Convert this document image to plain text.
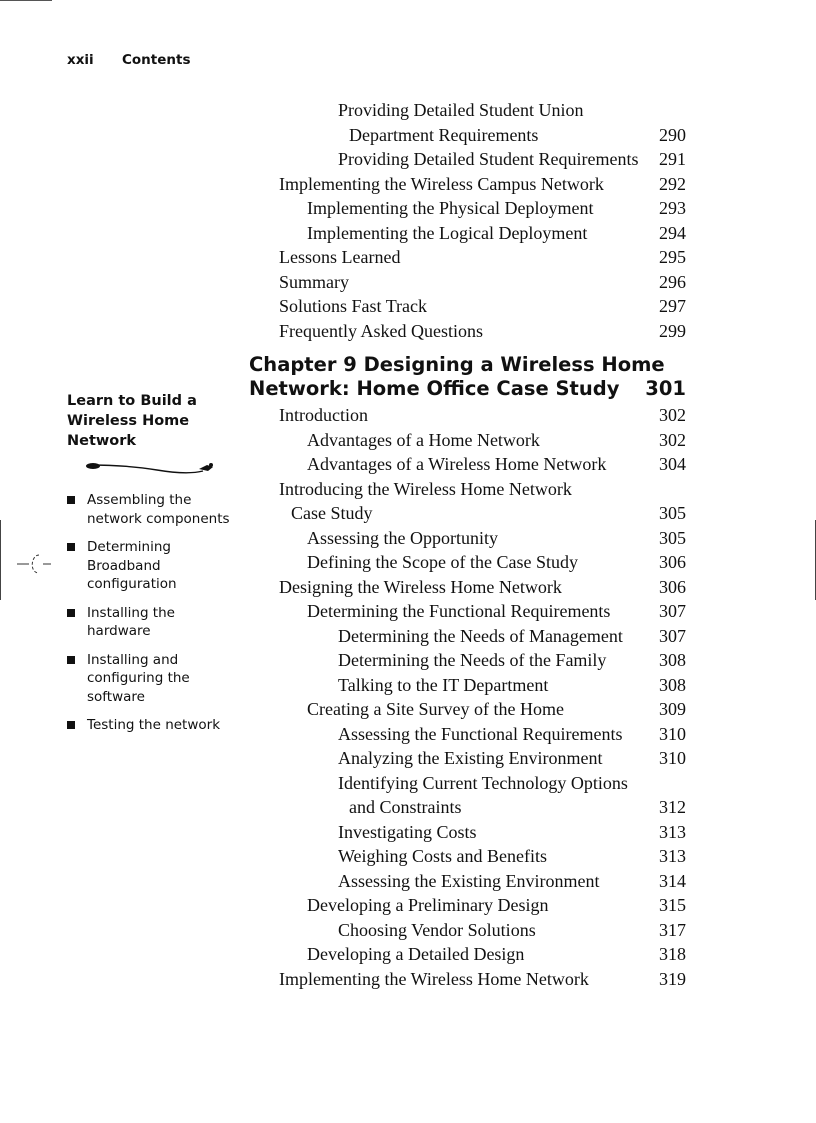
xxii Contents
Providing Detailed Student Union
Department Requirements	290
Providing Detailed Student Requirements 291
Implementing the Wireless Campus Network	292
Implementing the Physical Deployment	293
Implementing the Logical Deployment	294
Lessons Learned	295
Summary	296
Solutions Fast Track	297
Frequently Asked Questions	299
Chapter 9 Designing a Wireless Home
Network: Home Office Case Study	301
Introduction	302
Advantages of a Home Network	302
Advantages of a Wireless Home Network	304
Introducing the Wireless Home Network
Case Study	305
Assessing the Opportunity	305
Defining the Scope of the Case Study	306
Designing the Wireless Home Network	306
Determining the Functional Requirements	307
Determining the Needs of Management 307
Determining the Needs of the Family	308
Talking to the IT Department	308
Creating a Site Survey of the Home	309
Assessing the Functional Requirements 310
Analyzing the Existing Environment	310
Identifying Current Technology Options
and Constraints	312
Investigating Costs	313
Weighing Costs and Benefits	313
Assessing the Existing Environment	314
Developing a Preliminary Design	315
Choosing Vendor Solutions	317
Developing a Detailed Design	318
Implementing the Wireless Home Network	319
Learn to Build a Wireless Home Network
Assembling the network components
Determining Broadband configuration
Installing the hardware
Installing and configuring the software
Testing the network
